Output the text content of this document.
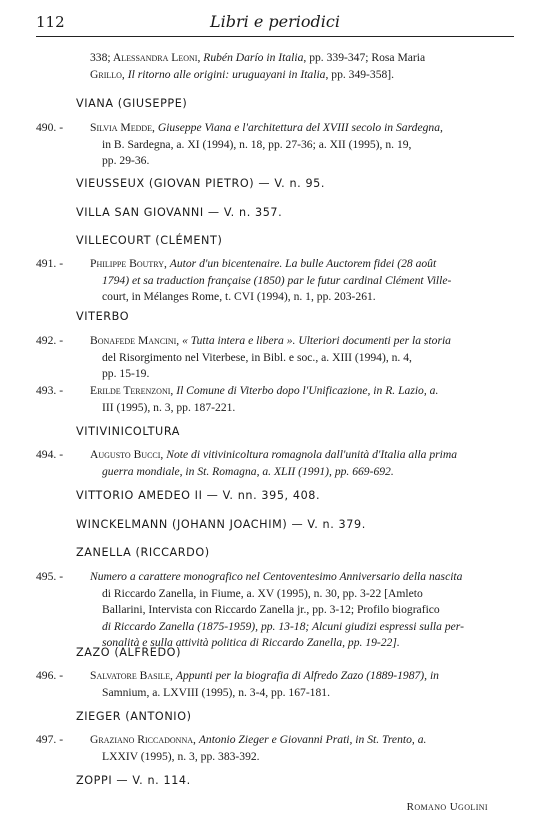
112	Libri e periodici
338; Alessandra Leoni, Rubén Darío in Italia, pp. 339-347; Rosa Maria
Grillo, Il ritorno alle origini: uruguayani in Italia, pp. 349-358].
VIANA (GIUSEPPE)
490. -	Silvia Medde, Giuseppe Viana e l'architettura del XVIII secolo in Sardegna,
in B. Sardegna, a. XI (1994), n. 18, pp. 27-36; a. XII (1995), n. 19,
pp. 29-36.
VIEUSSEUX (GIOVAN PIETRO) — V. n. 95.
VILLA SAN GIOVANNI — V. n. 357.
VILLECOURT (CLÉMENT)
491. -	Philippe Boutry, Autor d'un bicentenaire. La bulle Auctorem fidei (28 août
1794) et sa traduction française (1850) par le futur cardinal Clément Ville-
court, in Mélanges Rome, t. CVI (1994), n. 1, pp. 203-261.
VITERBO
492. -	Bonafede Mancini, « Tutta intera e libera ». Ulteriori documenti per la storia
del Risorgimento nel Viterbese, in Bibl. e soc., a. XIII (1994), n. 4,
pp. 15-19.
493. -	Erilde Terenzoni, Il Comune di Viterbo dopo l'Unificazione, in R. Lazio, a.
III (1995), n. 3, pp. 187-221.
VITIVINICOLTURA
494. -	Augusto Bucci, Note di vitivinicoltura romagnola dall'unità d'Italia alla prima
guerra mondiale, in St. Romagna, a. XLII (1991), pp. 669-692.
VITTORIO AMEDEO II — V. nn. 395, 408.
WINCKELMANN (JOHANN JOACHIM) — V. n. 379.
ZANELLA (RICCARDO)
495. -	Numero a carattere monografico nel Centoventesimo Anniversario della nascita
di Riccardo Zanella, in Fiume, a. XV (1995), n. 30, pp. 3-22 [Amleto
Ballarini, Intervista con Riccardo Zanella jr., pp. 3-12; Profilo biografico
di Riccardo Zanella (1875-1959), pp. 13-18; Alcuni giudizi espressi sulla per-
sonalità e sulla attività politica di Riccardo Zanella, pp. 19-22].
ZAZO (ALFREDO)
496. -	Salvatore Basile, Appunti per la biografia di Alfredo Zazo (1889-1987), in
Samnium, a. LXVIII (1995), n. 3-4, pp. 167-181.
ZIEGER (ANTONIO)
497. -	Graziano Riccadonna, Antonio Zieger e Giovanni Prati, in St. Trento, a.
LXXIV (1995), n. 3, pp. 383-392.
ZOPPI — V. n. 114.
Romano Ugolini
